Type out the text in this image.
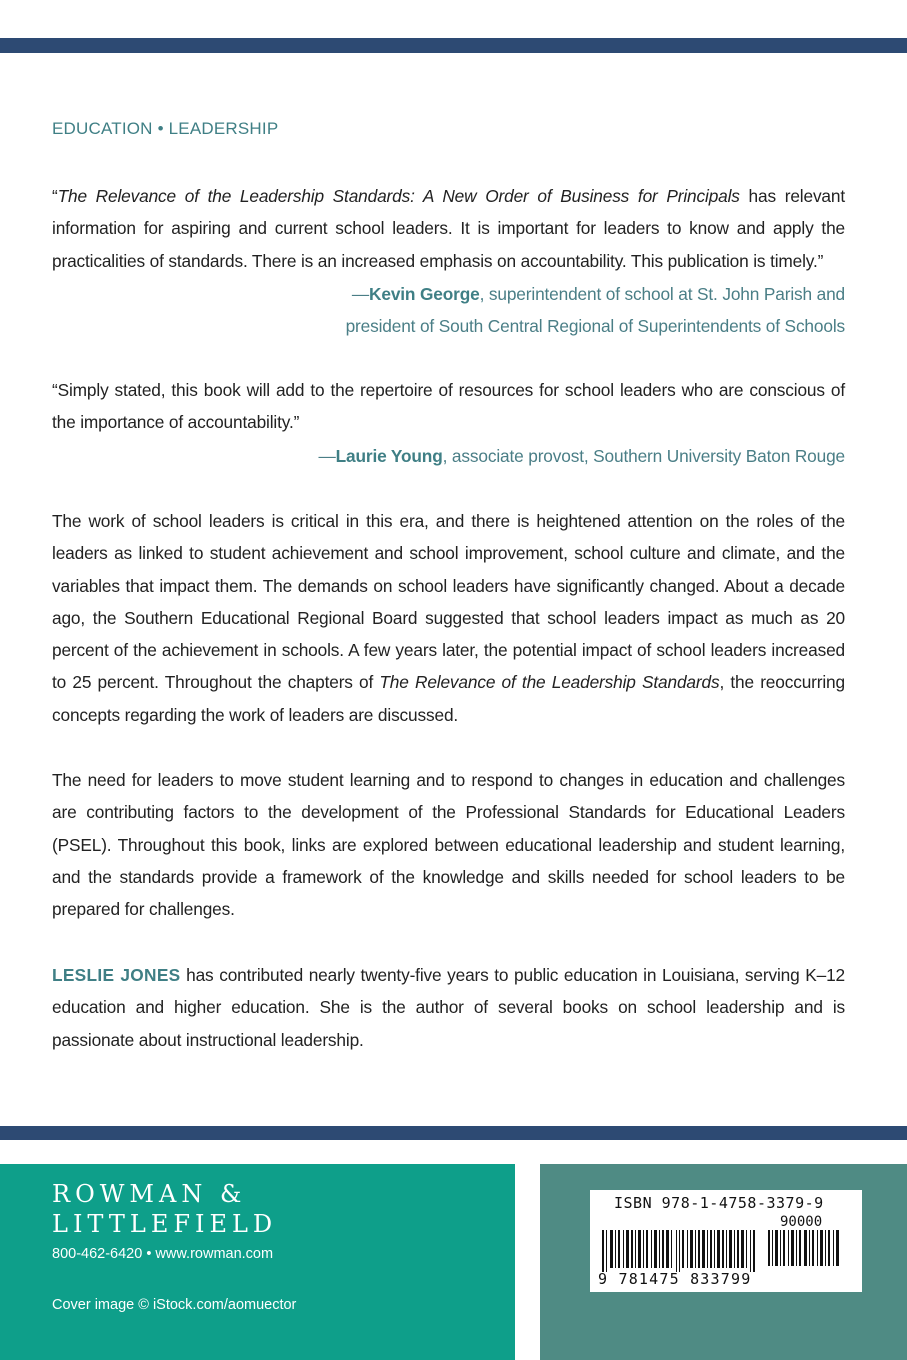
EDUCATION • LEADERSHIP
“The Relevance of the Leadership Standards: A New Order of Business for Principals has relevant information for aspiring and current school leaders. It is important for leaders to know and apply the practicalities of standards. There is an increased emphasis on accountability. This publication is timely.”
—Kevin George, superintendent of school at St. John Parish and
president of South Central Regional of Superintendents of Schools
“Simply stated, this book will add to the repertoire of resources for school leaders who are conscious of the importance of accountability.”
—Laurie Young, associate provost, Southern University Baton Rouge
The work of school leaders is critical in this era, and there is heightened attention on the roles of the leaders as linked to student achievement and school improvement, school culture and climate, and the variables that impact them. The demands on school leaders have significantly changed. About a decade ago, the Southern Educational Regional Board suggested that school leaders impact as much as 20 percent of the achievement in schools. A few years later, the potential impact of school leaders increased to 25 percent. Throughout the chapters of The Relevance of the Leadership Standards, the reoccurring concepts regarding the work of leaders are discussed.
The need for leaders to move student learning and to respond to changes in education and challenges are contributing factors to the development of the Professional Standards for Educational Leaders (PSEL). Throughout this book, links are explored between educational leadership and student learning, and the standards provide a framework of the knowledge and skills needed for school leaders to be prepared for challenges.
LESLIE JONES has contributed nearly twenty-five years to public education in Louisiana, serving K–12 education and higher education. She is the author of several books on school leadership and is passionate about instructional leadership.
ROWMAN &
LITTLEFIELD
800-462-6420 • www.rowman.com
Cover image © iStock.com/aomuector
ISBN 978-1-4758-3379-9
90000
9 781475 833799
